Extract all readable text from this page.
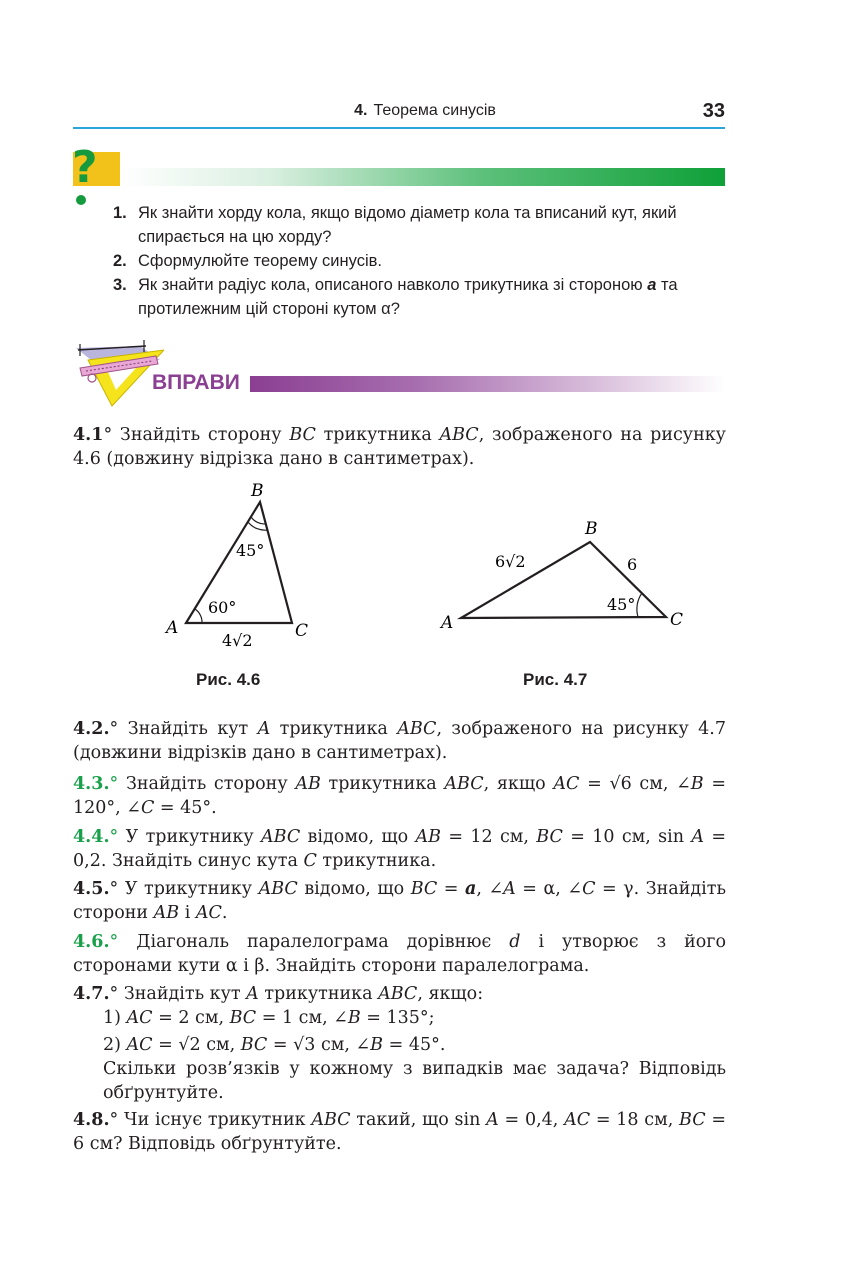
4. Теорема синусів	33
?
1. Як знайти хорду кола, якщо відомо діаметр кола та вписаний кут, який спирається на цю хорду?
2. Сформулюйте теорему синусів.
3. Як знайти радіус кола, описаного навколо трикутника зі стороною a та протилежним цій стороні кутом α?
ВПРАВИ
4.1° Знайдіть сторону BC трикутника ABC, зображеного на рисунку 4.6 (довжину відрізка дано в сантиметрах).
B
A	C
45°
60°
4√2
Рис. 4.6
B
A	C
6√2	6
45°
Рис. 4.7
4.2.° Знайдіть кут A трикутника ABC, зображеного на рисунку 4.7 (довжини відрізків дано в сантиметрах).
4.3.° Знайдіть сторону AB трикутника ABC, якщо AC = √6 см, ∠B = 120°, ∠C = 45°.
4.4.° У трикутнику ABC відомо, що AB = 12 см, BC = 10 см, sin A = 0,2. Знайдіть синус кута C трикутника.
4.5.° У трикутнику ABC відомо, що BC = a, ∠A = α, ∠C = γ. Знайдіть сторони AB і AC.
4.6.° Діагональ паралелограма дорівнює d і утворює з його сторонами кути α і β. Знайдіть сторони паралелограма.
4.7.° Знайдіть кут A трикутника ABC, якщо:
1) AC = 2 см, BC = 1 см, ∠B = 135°;
2) AC = √2 см, BC = √3 см, ∠B = 45°.
Скільки розв’язків у кожному з випадків має задача? Відповідь обґрунтуйте.
4.8.° Чи існує трикутник ABC такий, що sin A = 0,4, AC = 18 см, BC = 6 см? Відповідь обґрунтуйте.
